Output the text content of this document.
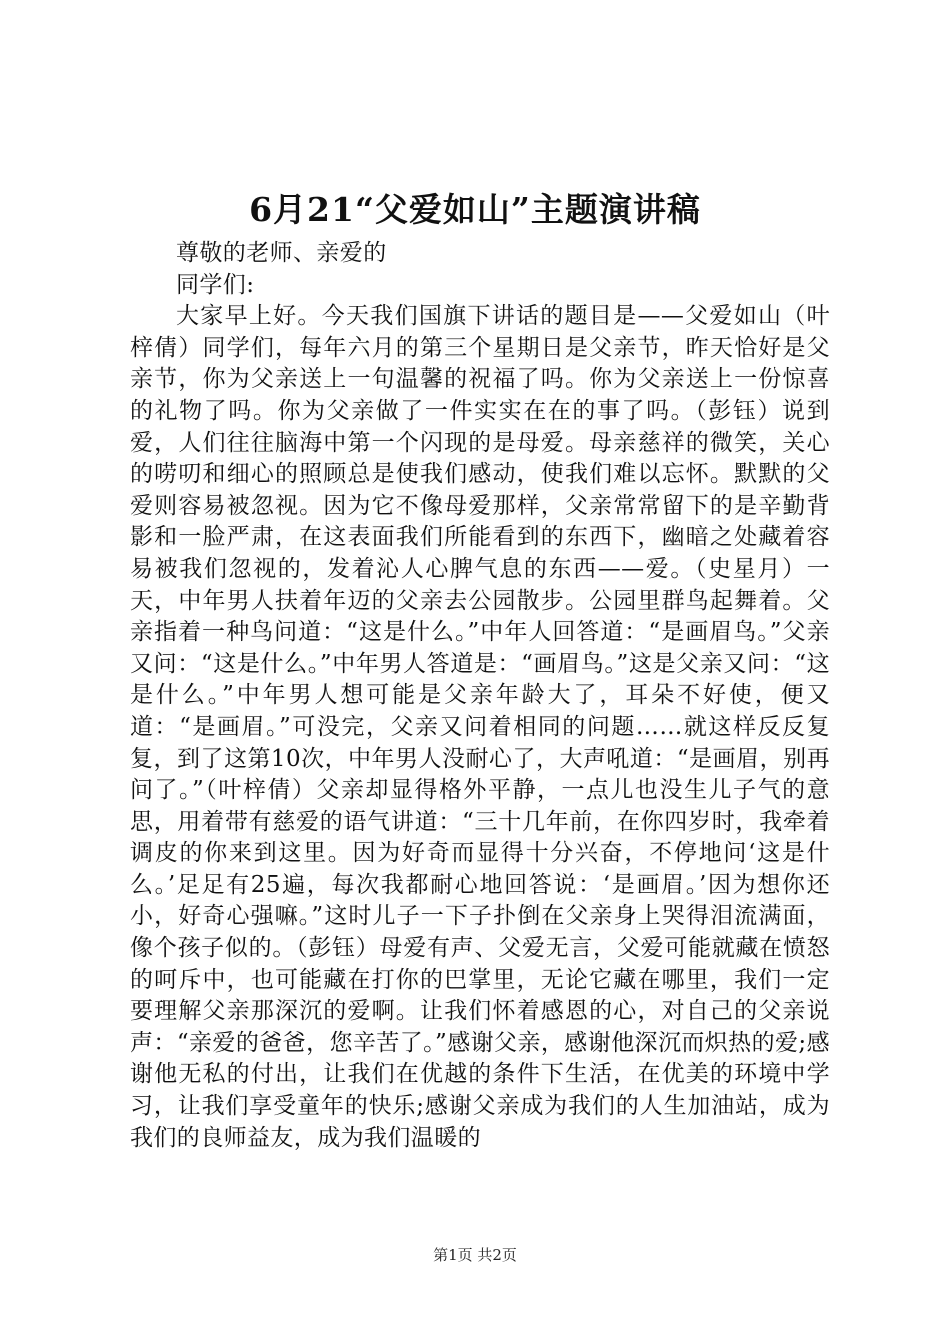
6月21“父爱如山”主题演讲稿

尊敬的老师、亲爱的

同学们:

大家早上好。今天我们国旗下讲话的题目是——父爱如山（叶梓倩）同学们，每年六月的第三个星期日是父亲节，昨天恰好是父亲节，你为父亲送上一句温馨的祝福了吗。你为父亲送上一份惊喜的礼物了吗。你为父亲做了一件实实在在的事了吗。（彭钰）说到爱，人们往往脑海中第一个闪现的是母爱。母亲慈祥的微笑，关心的唠叨和细心的照顾总是使我们感动，使我们难以忘怀。默默的父爱则容易被忽视。因为它不像母爱那样，父亲常常留下的是辛勤背影和一脸严肃，在这表面我们所能看到的东西下，幽暗之处藏着容易被我们忽视的，发着沁人心脾气息的东西——爱。（史星月）一天，中年男人扶着年迈的父亲去公园散步。公园里群鸟起舞着。父亲指着一种鸟问道：“这是什么。”中年人回答道：“是画眉鸟。”父亲又问：“这是什么。”中年男人答道是：“画眉鸟。”这是父亲又问：“这是什么。”中年男人想可能是父亲年龄大了，耳朵不好使，便又道：“是画眉。”可没完，父亲又问着相同的问题……就这样反反复复，到了这第10次，中年男人没耐心了，大声吼道：“是画眉，别再问了。”（叶梓倩）父亲却显得格外平静，一点儿也没生儿子气的意思，用着带有慈爱的语气讲道：“三十几年前，在你四岁时，我牵着调皮的你来到这里。因为好奇而显得十分兴奋，不停地问‘这是什么。’足足有25遍，每次我都耐心地回答说：‘是画眉。’因为想你还小，好奇心强嘛。”这时儿子一下子扑倒在父亲身上哭得泪流满面，像个孩子似的。（彭钰）母爱有声、父爱无言，父爱可能就藏在愤怒的呵斥中，也可能藏在打你的巴掌里，无论它藏在哪里，我们一定要理解父亲那深沉的爱啊。让我们怀着感恩的心，对自己的父亲说声：“亲爱的爸爸，您辛苦了。”感谢父亲，感谢他深沉而炽热的爱;感谢他无私的付出，让我们在优越的条件下生活，在优美的环境中学习，让我们享受童年的快乐;感谢父亲成为我们的人生加油站，成为我们的良师益友，成为我们温暖的

第1页 共2页
